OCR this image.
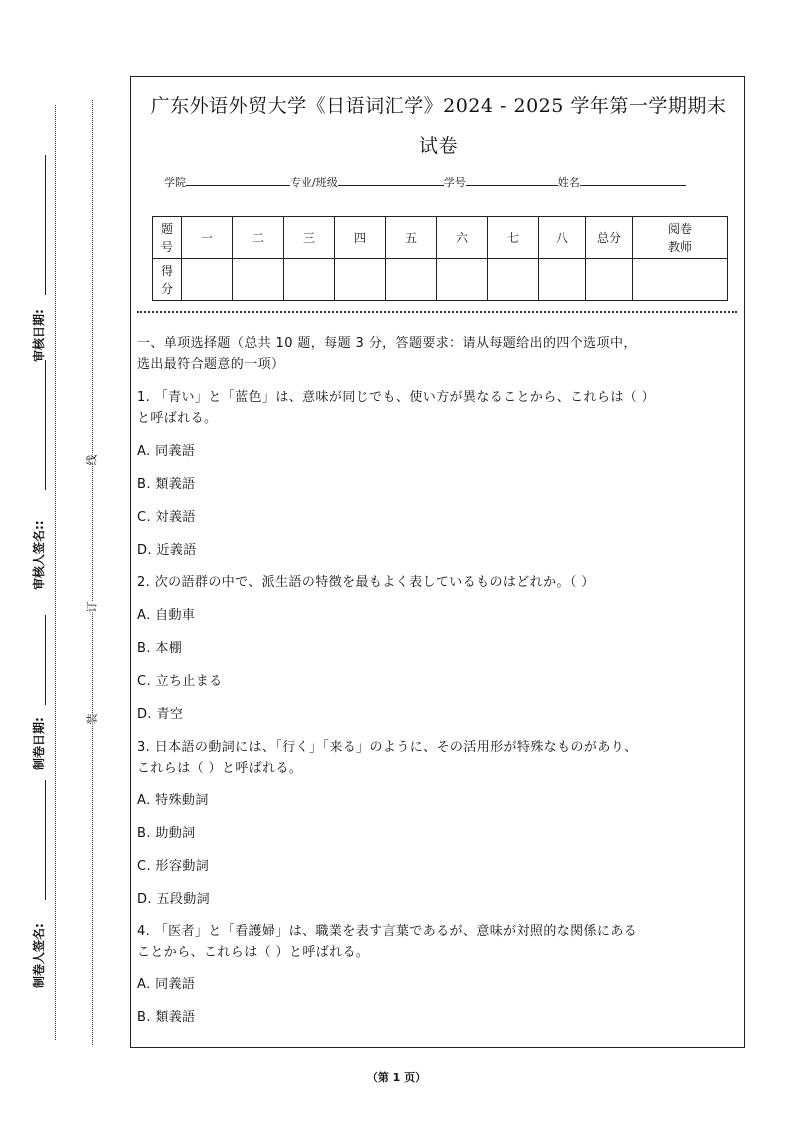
审核日期:
审核人签名::
制卷日期:
制卷人签名:
线
订
装
广东外语外贸大学《日语词汇学》2024 - 2025 学年第一学期期末
试卷
学院	专业/班级	学号	姓名
题号	一	二	三	四	五	六	七	八	总分	阅卷教师
得分										
一、单项选择题（总共 10 题，每题 3 分，答题要求：请从每题给出的四个选项中，
选出最符合题意的一项）
1. 「青い」と「蓝色」は、意味が同じでも、使い方が異なることから、これらは（ ）
と呼ばれる。
A. 同義語
B. 類義語
C. 対義語
D. 近義語
2. 次の語群の中で、派生語の特徴を最もよく表しているものはどれか。（ ）
A. 自動車
B. 本棚
C. 立ち止まる
D. 青空
3. 日本語の動詞には、「行く」「来る」のように、その活用形が特殊なものがあり、
これらは（ ）と呼ばれる。
A. 特殊動詞
B. 助動詞
C. 形容動詞
D. 五段動詞
4. 「医者」と「看護婦」は、職業を表す言葉であるが、意味が対照的な関係にある
ことから、これらは（ ）と呼ばれる。
A. 同義語
B. 類義語
（第 1 页）
